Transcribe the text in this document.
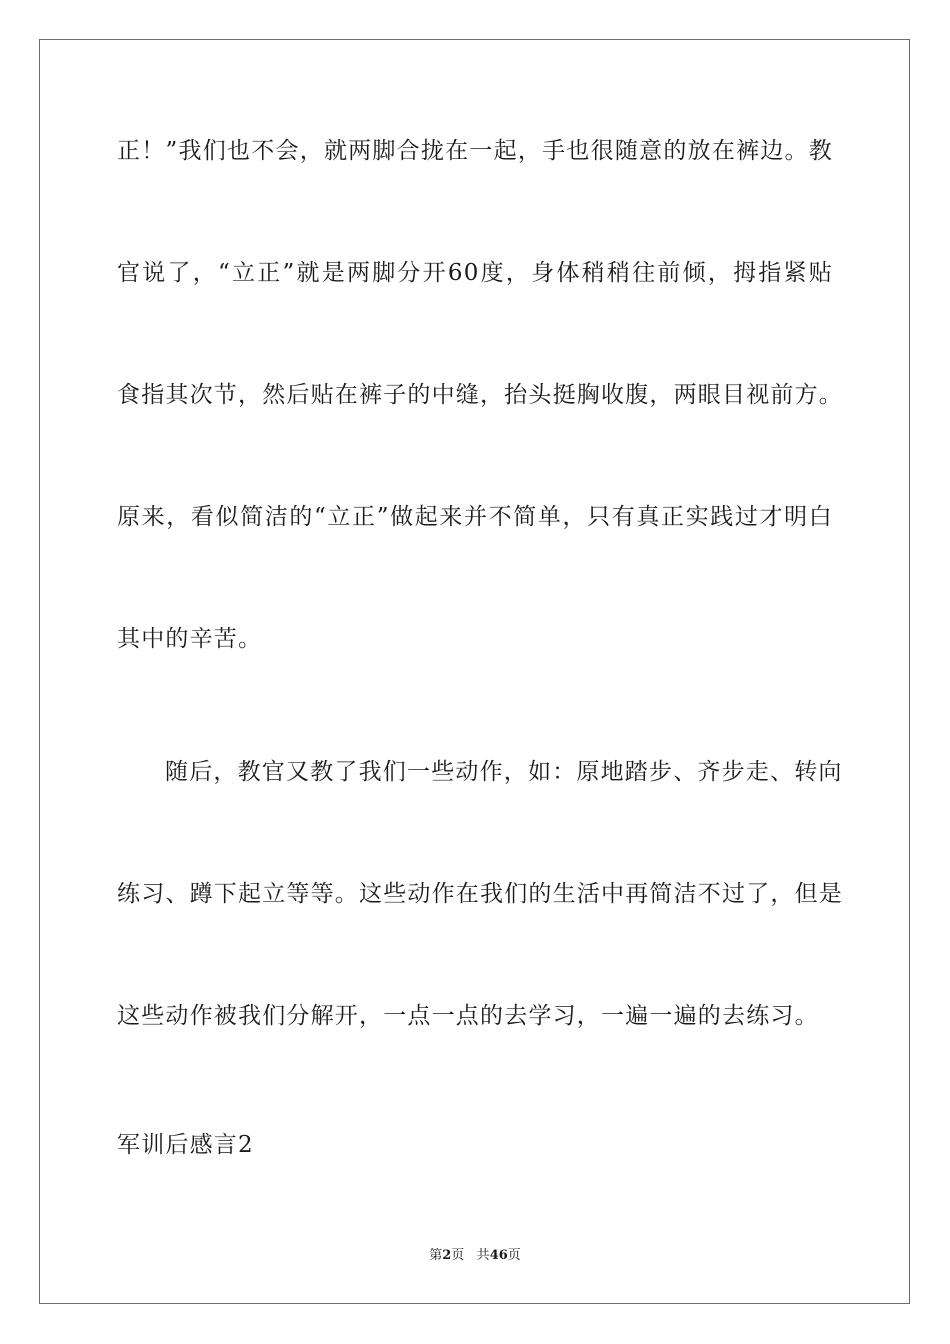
正！”我们也不会，就两脚合拢在一起，手也很随意的放在裤边。教
官说了，“立正”就是两脚分开60度，身体稍稍往前倾，拇指紧贴
食指其次节，然后贴在裤子的中缝，抬头挺胸收腹，两眼目视前方。
原来，看似简洁的“立正”做起来并不简单，只有真正实践过才明白
其中的辛苦。
随后，教官又教了我们一些动作，如：原地踏步、齐步走、转向
练习、蹲下起立等等。这些动作在我们的生活中再简洁不过了，但是
这些动作被我们分解开，一点一点的去学习，一遍一遍的去练习。
军训后感言2
第2页 共46页
